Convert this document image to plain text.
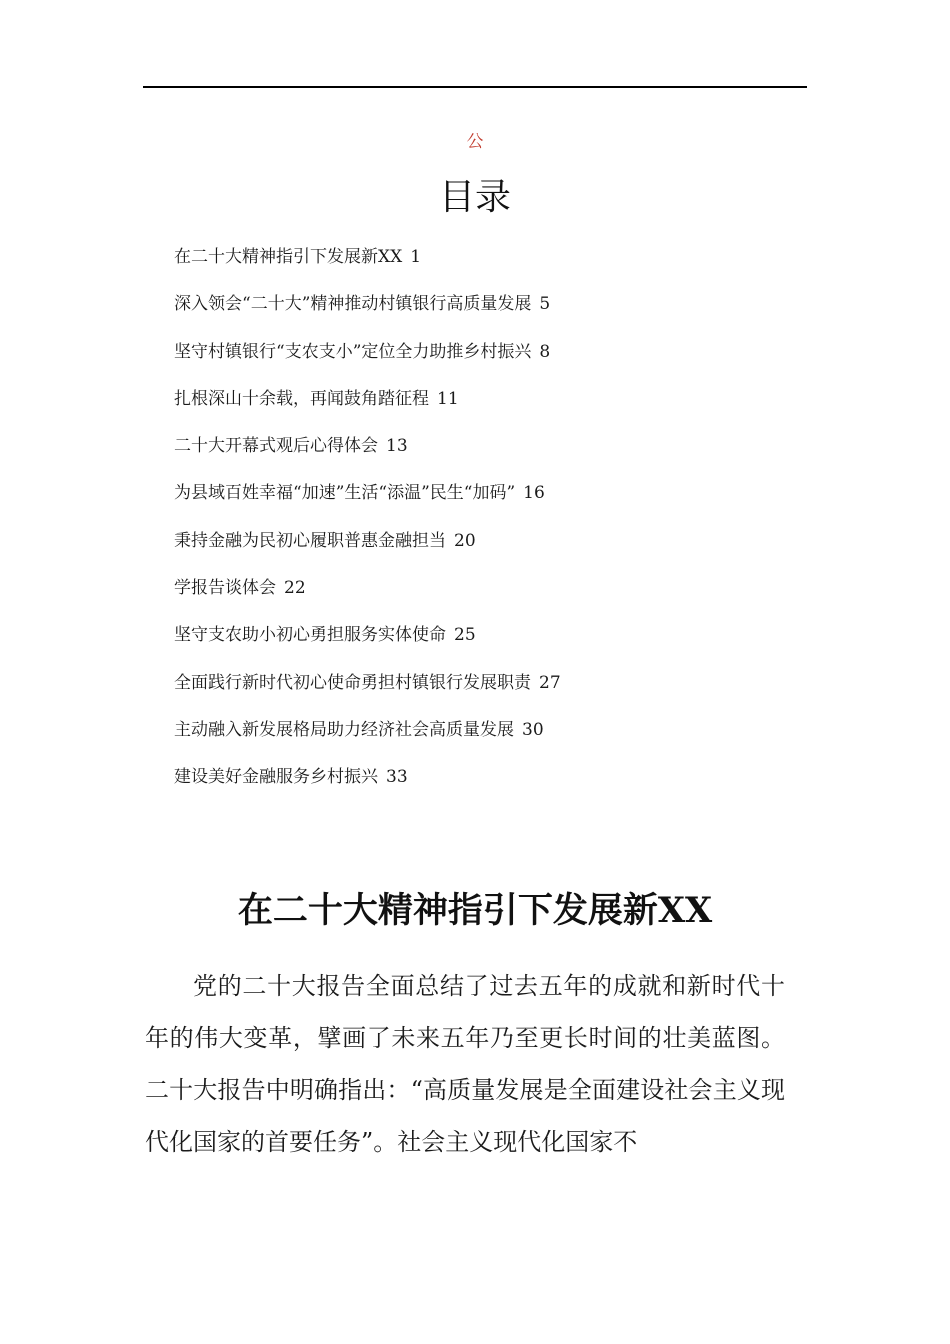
公
目录
在二十大精神指引下发展新XX 1
深入领会“二十大”精神推动村镇银行高质量发展 5
坚守村镇银行“支农支小”定位全力助推乡村振兴 8
扎根深山十余载，再闻鼓角踏征程 11
二十大开幕式观后心得体会 13
为县域百姓幸福“加速”生活“添温”民生“加码” 16
秉持金融为民初心履职普惠金融担当 20
学报告谈体会 22
坚守支农助小初心勇担服务实体使命 25
全面践行新时代初心使命勇担村镇银行发展职责 27
主动融入新发展格局助力经济社会高质量发展 30
建设美好金融服务乡村振兴 33
在二十大精神指引下发展新XX

党的二十大报告全面总结了过去五年的成就和新时代十年的伟大变革，擘画了未来五年乃至更长时间的壮美蓝图。二十大报告中明确指出：“高质量发展是全面建设社会主义现代化国家的首要任务”。社会主义现代化国家不
